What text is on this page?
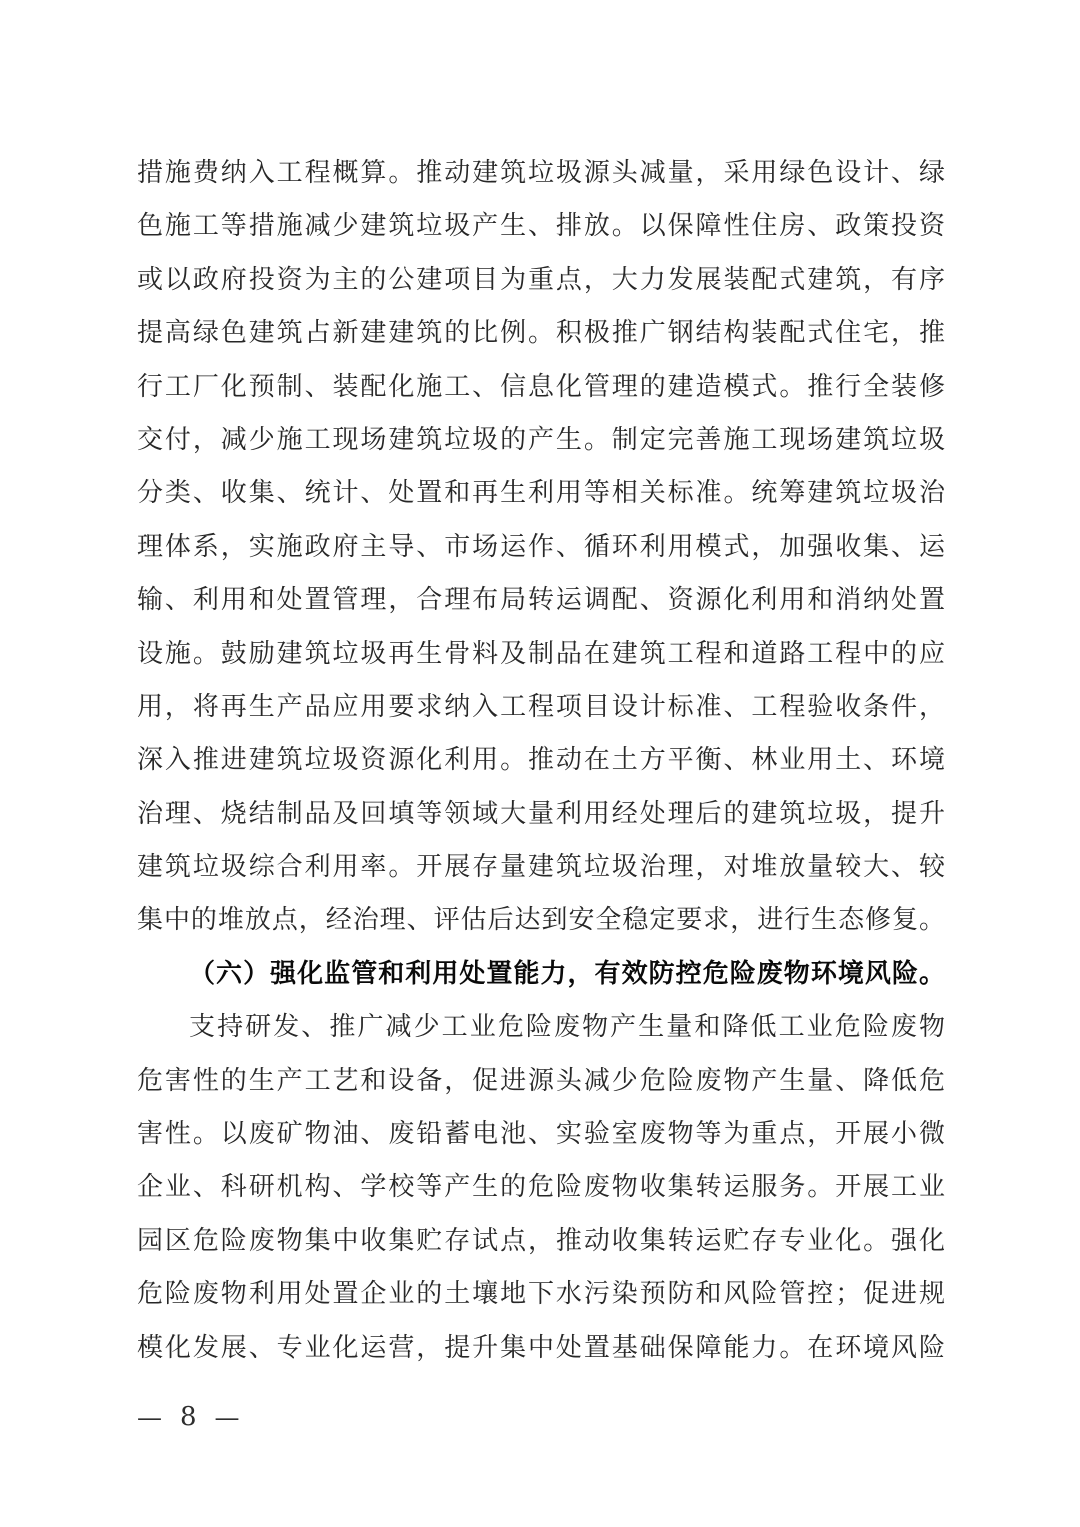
措施费纳入工程概算。推动建筑垃圾源头减量，采用绿色设计、绿
色施工等措施减少建筑垃圾产生、排放。以保障性住房、政策投资
或以政府投资为主的公建项目为重点，大力发展装配式建筑，有序
提高绿色建筑占新建建筑的比例。积极推广钢结构装配式住宅，推
行工厂化预制、装配化施工、信息化管理的建造模式。推行全装修
交付，减少施工现场建筑垃圾的产生。制定完善施工现场建筑垃圾
分类、收集、统计、处置和再生利用等相关标准。统筹建筑垃圾治
理体系，实施政府主导、市场运作、循环利用模式，加强收集、运
输、利用和处置管理，合理布局转运调配、资源化利用和消纳处置
设施。鼓励建筑垃圾再生骨料及制品在建筑工程和道路工程中的应
用，将再生产品应用要求纳入工程项目设计标准、工程验收条件，
深入推进建筑垃圾资源化利用。推动在土方平衡、林业用土、环境
治理、烧结制品及回填等领域大量利用经处理后的建筑垃圾，提升
建筑垃圾综合利用率。开展存量建筑垃圾治理，对堆放量较大、较
集中的堆放点，经治理、评估后达到安全稳定要求，进行生态修复。
（六）强化监管和利用处置能力，有效防控危险废物环境风险。
支持研发、推广减少工业危险废物产生量和降低工业危险废物
危害性的生产工艺和设备，促进源头减少危险废物产生量、降低危
害性。以废矿物油、废铅蓄电池、实验室废物等为重点，开展小微
企业、科研机构、学校等产生的危险废物收集转运服务。开展工业
园区危险废物集中收集贮存试点，推动收集转运贮存专业化。强化
危险废物利用处置企业的土壤地下水污染预防和风险管控；促进规
模化发展、专业化运营，提升集中处置基础保障能力。在环境风险
— 8 —
